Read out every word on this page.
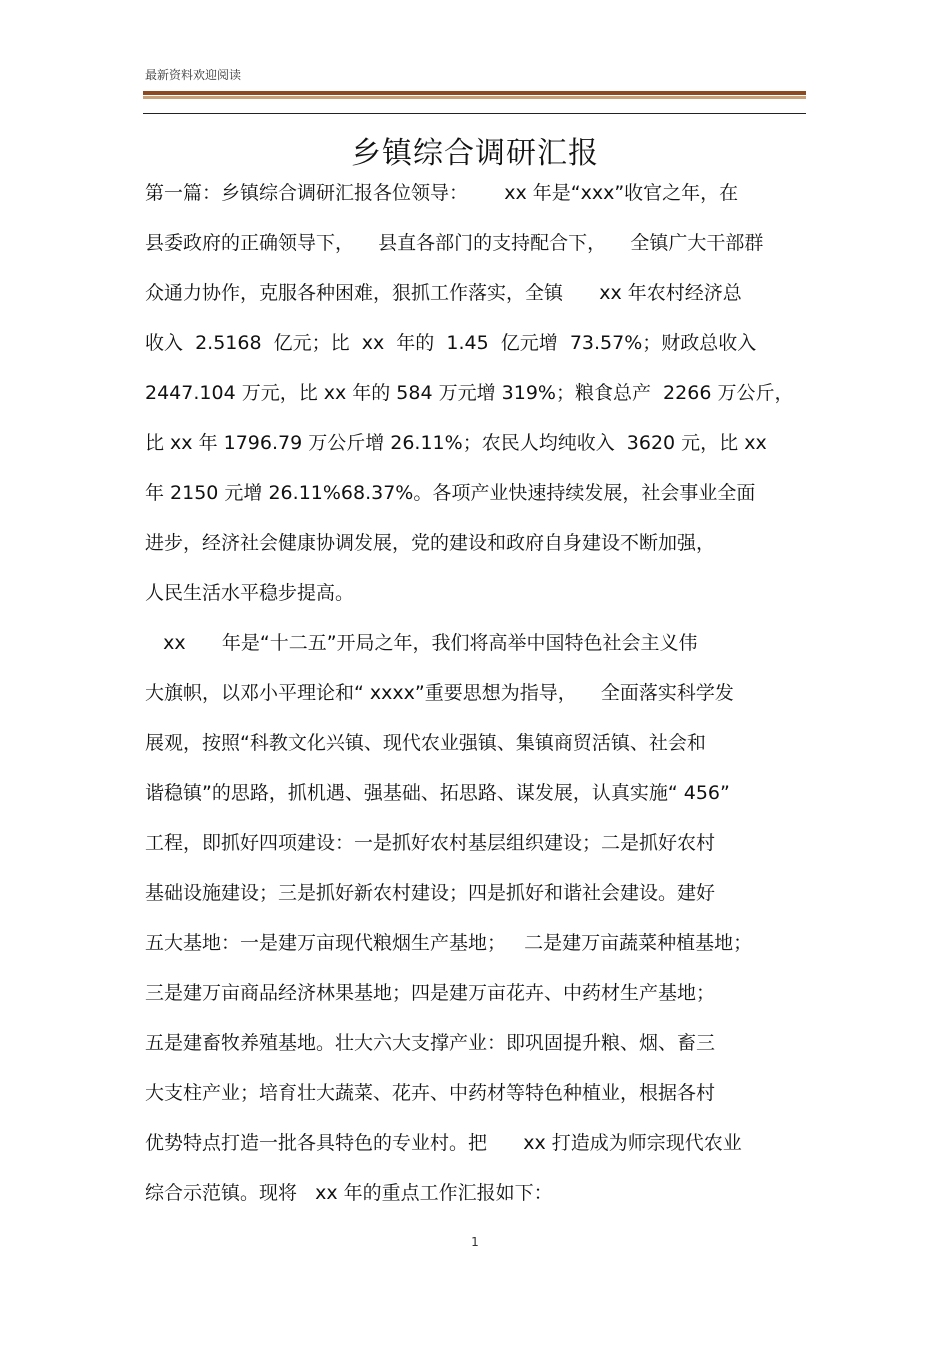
最新资料欢迎阅读
乡镇综合调研汇报
第一篇：乡镇综合调研汇报各位领导：      xx 年是“xxx”收官之年，在
县委政府的正确领导下，    县直各部门的支持配合下，    全镇广大干部群
众通力协作，克服各种困难，狠抓工作落实，全镇      xx 年农村经济总
收入  2.5168  亿元；比  xx  年的  1.45  亿元增  73.57%；财政总收入
2447.104 万元，比 xx 年的 584 万元增 319%；粮食总产  2266 万公斤，
比 xx 年 1796.79 万公斤增 26.11%；农民人均纯收入  3620 元，比 xx
年 2150 元增 26.11%68.37%。各项产业快速持续发展，社会事业全面
进步，经济社会健康协调发展，党的建设和政府自身建设不断加强，
人民生活水平稳步提高。
xx      年是“十二五”开局之年，我们将高举中国特色社会主义伟
大旗帜，以邓小平理论和“ xxxx”重要思想为指导，    全面落实科学发
展观，按照“科教文化兴镇、现代农业强镇、集镇商贸活镇、社会和
谐稳镇”的思路，抓机遇、强基础、拓思路、谋发展，认真实施“ 456”
工程，即抓好四项建设：一是抓好农村基层组织建设；二是抓好农村
基础设施建设；三是抓好新农村建设；四是抓好和谐社会建设。建好
五大基地：一是建万亩现代粮烟生产基地；   二是建万亩蔬菜种植基地；
三是建万亩商品经济林果基地；四是建万亩花卉、中药材生产基地；
五是建畜牧养殖基地。壮大六大支撑产业：即巩固提升粮、烟、畜三
大支柱产业；培育壮大蔬菜、花卉、中药材等特色种植业，根据各村
优势特点打造一批各具特色的专业村。把      xx 打造成为师宗现代农业
综合示范镇。现将   xx 年的重点工作汇报如下：
1
